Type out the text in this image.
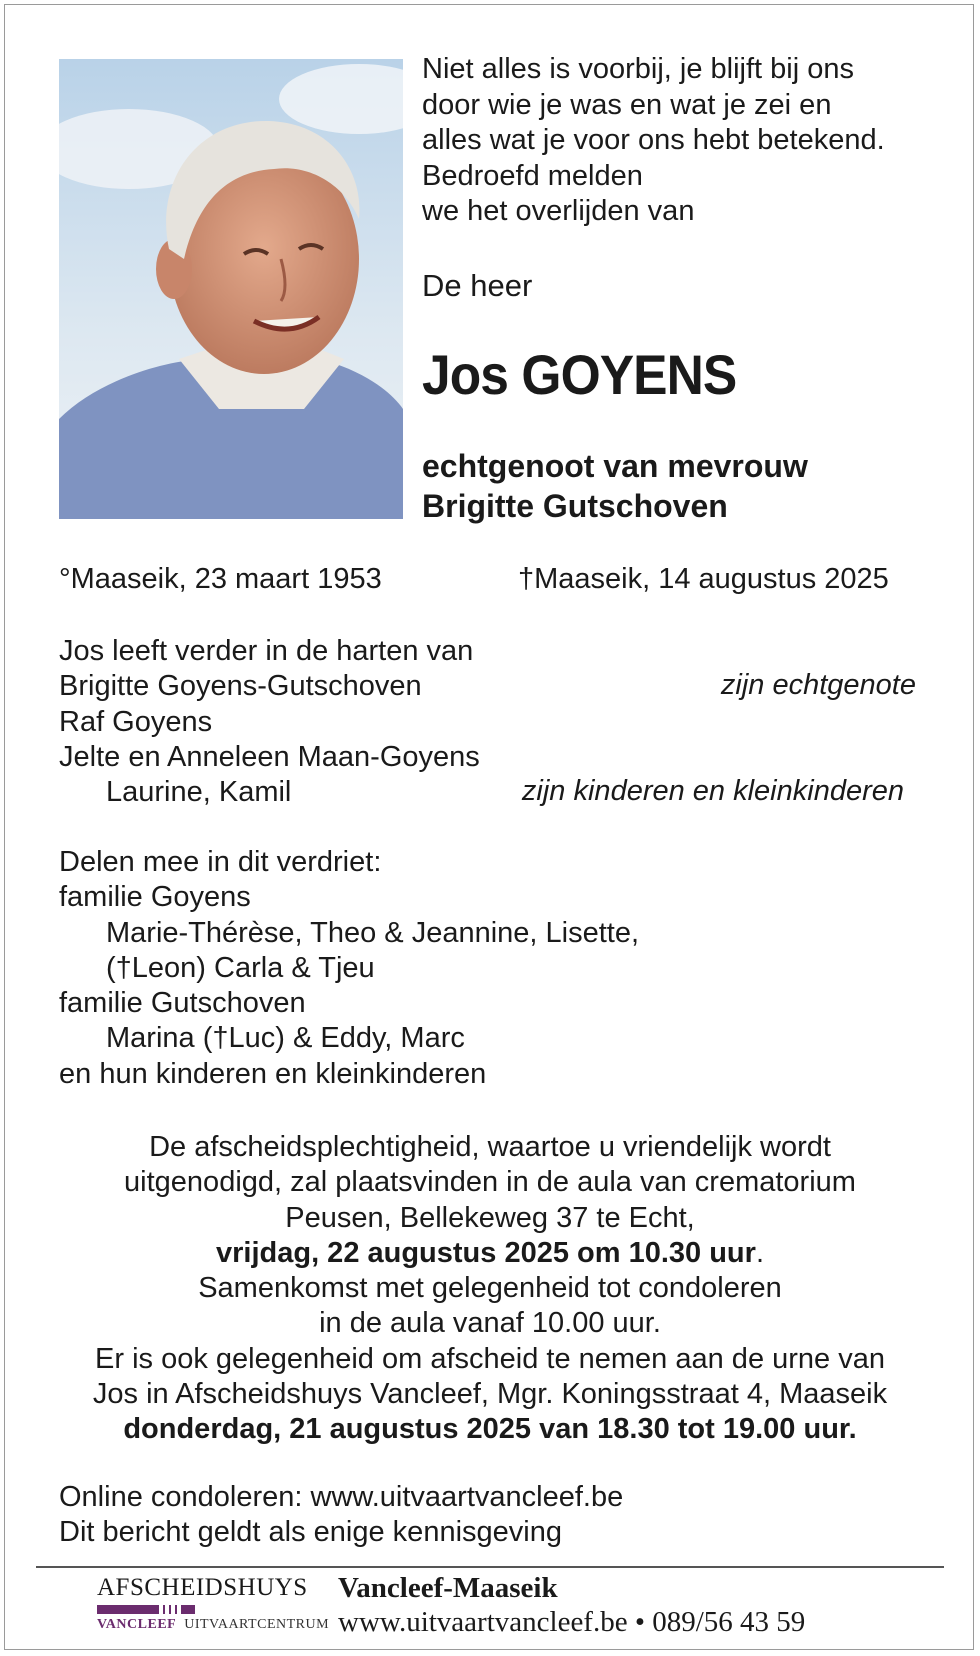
Niet alles is voorbij, je blijft bij ons
door wie je was en wat je zei en
alles wat je voor ons hebt betekend.
Bedroefd melden
we het overlijden van
De heer
Jos GOYENS
echtgenoot van mevrouw
Brigitte Gutschoven
°Maaseik, 23 maart 1953	†Maaseik, 14 augustus 2025
Jos leeft verder in de harten van
Brigitte Goyens-Gutschoven
Raf Goyens
Jelte en Anneleen Maan-Goyens
Laurine, Kamil
zijn echtgenote
zijn kinderen en kleinkinderen
Delen mee in dit verdriet:
familie Goyens
Marie-Thérèse, Theo & Jeannine, Lisette,
(†Leon) Carla & Tjeu
familie Gutschoven
Marina (†Luc) & Eddy, Marc
en hun kinderen en kleinkinderen
De afscheidsplechtigheid, waartoe u vriendelijk wordt
uitgenodigd, zal plaatsvinden in de aula van crematorium
Peusen, Bellekeweg 37 te Echt,
vrijdag, 22 augustus 2025 om 10.30 uur.
Samenkomst met gelegenheid tot condoleren
in de aula vanaf 10.00 uur.
Er is ook gelegenheid om afscheid te nemen aan de urne van
Jos in Afscheidshuys Vancleef, Mgr. Koningsstraat 4, Maaseik
donderdag, 21 augustus 2025 van 18.30 tot 19.00 uur.
Online condoleren: www.uitvaartvancleef.be
Dit bericht geldt als enige kennisgeving
AFSCHEIDSHUYS
VANCLEEF UITVAARTCENTRUM
Vancleef-Maaseik
www.uitvaartvancleef.be • 089/56 43 59
